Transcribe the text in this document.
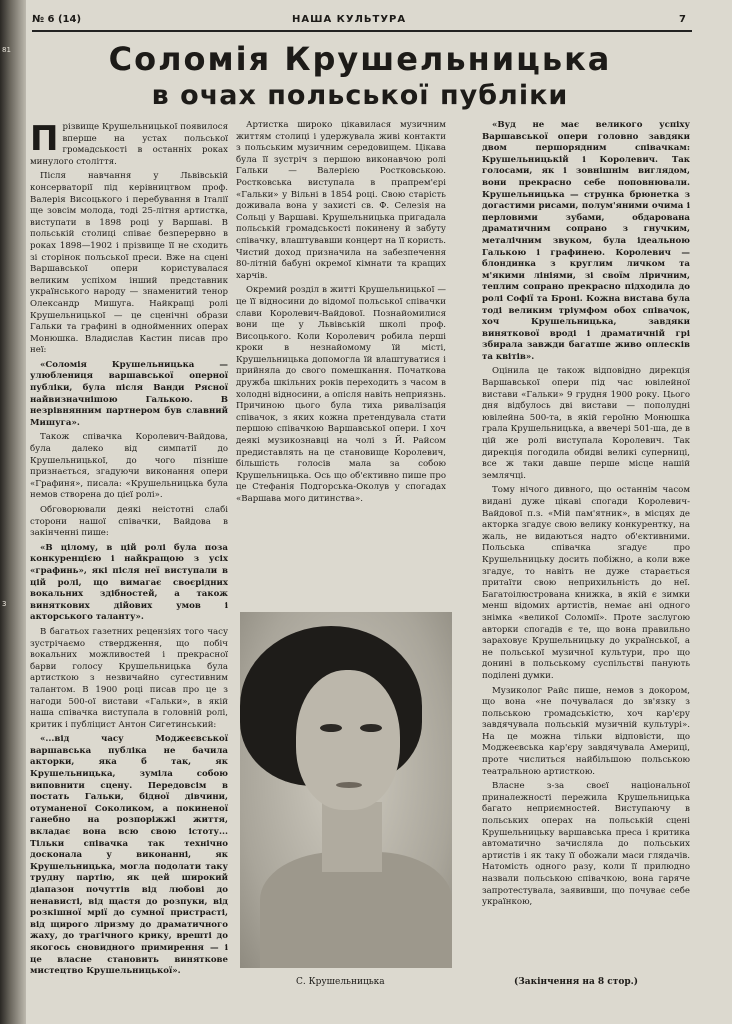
81
3
№ 6 (14)	НАША КУЛЬТУРА	7
Соломія Крушельницька
в очах польської публіки
П різвище Крушельницької появилося вперше на устах польської громадськості в останніх роках минулого століття.

Після навчання у Львівській консерваторії під керівництвом проф. Валерія Висоцького і перебування в Італії ще зовсім молода, тоді 25-літня артистка, виступати в 1898 році у Варшаві. В польській столиці співає безперервно в роках 1898—1902 і прізвище її не сходить зі сторінок польської преси. Вже на сцені Варшавської опери користувалася великим успіхом інший представник українського народу — знаменитий тенор Олександр Мишуга. Найкращі ролі Крушельницької — це сценічні образи Гальки та графині в однойменних операх Монюшка. Владислав Кастин писав про неї:

«Соломія Крушельницька — улюблениця варшавської оперної публіки, була після Ванди Рясної найвизначнішою Галькою. В незрівнянним партнером був славний Мишуга».

Також співачка Королевич-Вайдова, була далеко від симпатії до Крушельницької, до чого пізніше признається, згадуючи виконання опери «Графиня», писала: «Крушельницька була немов створена до цієї ролі».

Обговорювали деякі неістотні слабі сторони нашої співачки, Вайдова в закінченні пише:

«В цілому, в цій ролі була поза конкуренцією і найкращою з усіх «графинь», які після неї виступали в цій ролі, що вимагає своєрідних вокальних здібностей, а також виняткових дійових умов і акторського таланту».

В багатьох газетних рецензіях того часу зустрічаємо ствердження, що побіч вокальних можливостей і прекрасної барви голосу Крушельницька була артисткою з незвичайно сугестивним талантом. В 1900 році писав про це з нагоди 500-ої вистави «Гальки», в якій наша співачка виступала в головній ролі, критик і публіцист Антон Сигетинський:

«...від часу Моджеєвської варшавська публіка не бачила акторки, яка б так, як Крушельницька, зуміла собою виповнити сцену. Передовсім в постать Гальки, бідної дівчини, отуманеної Соколиком, а покиненої ганебно на розпоріжжі життя, вкладає вона всю свою істоту... Тільки співачка так технічно досконала у виконанні, як Крушельницька, могла подолати таку трудну партію, як цей широкий діапазон почуттів від любові до ненависті, від щастя до розпуки, від розкішної мрії до сумної пристрасті, від щирого ліризму до драматичного жаху, до трагічного крику, врешті до якогось сновидного примирення — і це власне становить виняткове мистецтво Крушельницької».

Артистка широко цікавилася музичним життям столиці і удержувала живі контакти з польським музичним середовищем. Цікава була її зустріч з першою виконавчою ролі Гальки — Валерією Ростковською. Ростковська виступала в прапрем'єрі «Гальки» у Вільні в 1854 році. Свою старість доживала вона у захисті св. Ф. Селезія на Сольці у Варшаві. Крушельницька пригадала польській громадськості покинену й забуту співачку, влаштувавши концерт на її користь. Чистий доход призначила на забезпечення 80-літній бабуні окремої кімнати та кращих харчів.

Окремий розділ в житті Крушельницької — це її відносини до відомої польської співачки слави Королевич-Вайдової. Познайомилися вони ще у Львівській школі проф. Висоцького. Коли Королевич робила перші кроки в незнайомому їй місті, Крушельницька допомогла їй влаштуватися і прийняла до свого помешкання. Початкова дружба шкільних років переходить з часом в холодні відносини, а опісля навіть неприязнь. Причиною цього була тиха ривалізація співачок, з яких кожна претендувала стати першою співачкою Варшавської опери. І хоч деякі музикознавці на чолі з Й. Райсом предиставлять на це становище Королевич, більшість голосів мала за собою Крушельницька. Ось що об'єктивно пише про це Стефанія Подгорська-Околув у спогадах «Варшава мого дитинства».

«Вуд не має великого успіху Варшавської опери головно завдяки двом першорядним співачкам: Крушельницькій і Королевич. Так голосами, як і зовнішнім виглядом, вони прекрасно себе поповнювали. Крушельницька — струнка брюнетка з догастими рисами, полум'яними очима і перловими зубами, обдарована драматичним сопрано з гнучким, металічним звуком, була ідеальною Галькою і графинею. Королевич — блондинка з круглим личком та м'якими лініями, зі своїм ліричним, теплим сопрано прекрасно підходила до ролі Софії та Броні. Кожна вистава була тоді великим тріумфом обох співачок, хоч Крушельницька, завдяки виняткової вроді і драматичній грі збирала завжди багатше живо оплесків та квітів».

Оцінила це також відповідно дирекція Варшавської опери під час ювілейної вистави «Гальки» 9 грудня 1900 року. Цього дня відбулось дві вистави — пополудні ювілейна 500-та, в якій героїню Монюшка грала Крушельницька, а ввечері 501-ша, де в цій же ролі виступала Королевич. Так дирекція погодила обидві великі суперниці, все ж таки давше перше місце нашій землячці.

Тому нічого дивного, що останнім часом видані дуже цікаві спогади Королевич-Вайдової п.з. «Мій пам'ятник», в місцях де акторка згадує свою велику конкурентку, на жаль, не видаються надто об'єктивними. Польська співачка згадує про Крушельницьку досить побіжно, а коли вже згадує, то навіть не дуже старається притаїти свою неприхильність до неї. Багатоілюстрована книжка, в якій є зимки менш відомих артистів, немає ані одного знімка «великої Соломії». Проте заслугою авторки спогадів є те, що вона правильно зараховує Крушельницьку до української, а не польської музичної культури, про що донині в польському суспільстві панують поділені думки.

Музиколог Райс пише, немов з докором, що вона «не почувалася до зв'язку з польською громадськістю, хоч кар'єру завдячувала польській музичній культурі». На це можна тільки відповісти, що Моджеєвська кар'єру завдячувала Америці, проте числиться найбільшою польською театральною артисткою.

Власне з-за своєї національної приналежності пережила Крушельницька багато неприємностей. Виступаючу в польських операх на польській сцені Крушельницьку варшавська преса і критика автоматично зачисляла до польських артистів і як таку її обожали маси глядачів. Натомість одного разу, коли її прилюдно назвали польською співачкою, вона гаряче запротестувала, заявивши, що почуває себе українкою,

С. Крушельницька	(Закінчення на 8 стор.)
